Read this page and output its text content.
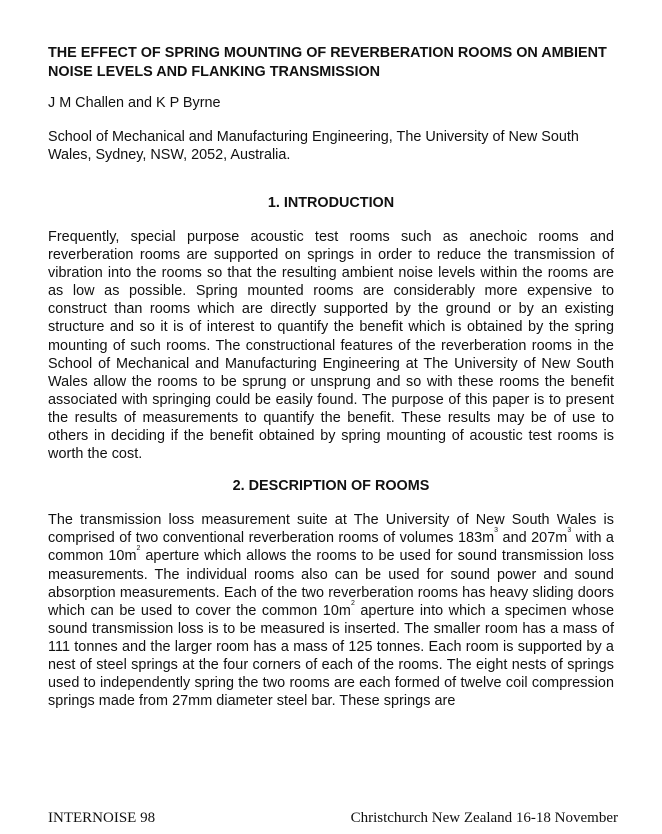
THE EFFECT OF SPRING MOUNTING OF REVERBERATION ROOMS ON AMBIENT NOISE LEVELS AND FLANKING TRANSMISSION

J M Challen and K P Byrne

School of Mechanical and Manufacturing Engineering, The University of New South Wales, Sydney, NSW, 2052, Australia.

1. INTRODUCTION

Frequently, special purpose acoustic test rooms such as anechoic rooms and reverberation rooms are supported on springs in order to reduce the transmission of vibration into the rooms so that the resulting ambient noise levels within the rooms are as low as possible. Spring mounted rooms are considerably more expensive to construct than rooms which are directly supported by the ground or by an existing structure and so it is of interest to quantify the benefit which is obtained by the spring mounting of such rooms. The constructional features of the reverberation rooms in the School of Mechanical and Manufacturing Engineering at The University of New South Wales allow the rooms to be sprung or unsprung and so with these rooms the benefit associated with springing could be easily found. The purpose of this paper is to present the results of measurements to quantify the benefit. These results may be of use to others in deciding if the benefit obtained by spring mounting of acoustic test rooms is worth the cost.

2. DESCRIPTION OF ROOMS

The transmission loss measurement suite at The University of New South Wales is comprised of two conventional reverberation rooms of volumes $183m^3$ and $207m^3$ with a common $10m^2$ aperture which allows the rooms to be used for sound transmission loss measurements. The individual rooms also can be used for sound power and sound absorption measurements. Each of the two reverberation rooms has heavy sliding doors which can be used to cover the common $10m^2$ aperture into which a specimen whose sound transmission loss is to be measured is inserted. The smaller room has a mass of 111 tonnes and the larger room has a mass of 125 tonnes. Each room is supported by a nest of steel springs at the four corners of each of the rooms. The eight nests of springs used to independently spring the two rooms are each formed of twelve coil compression springs made from 27mm diameter steel bar. These springs are

INTERNOISE 98	Christchurch New Zealand 16-18 November
